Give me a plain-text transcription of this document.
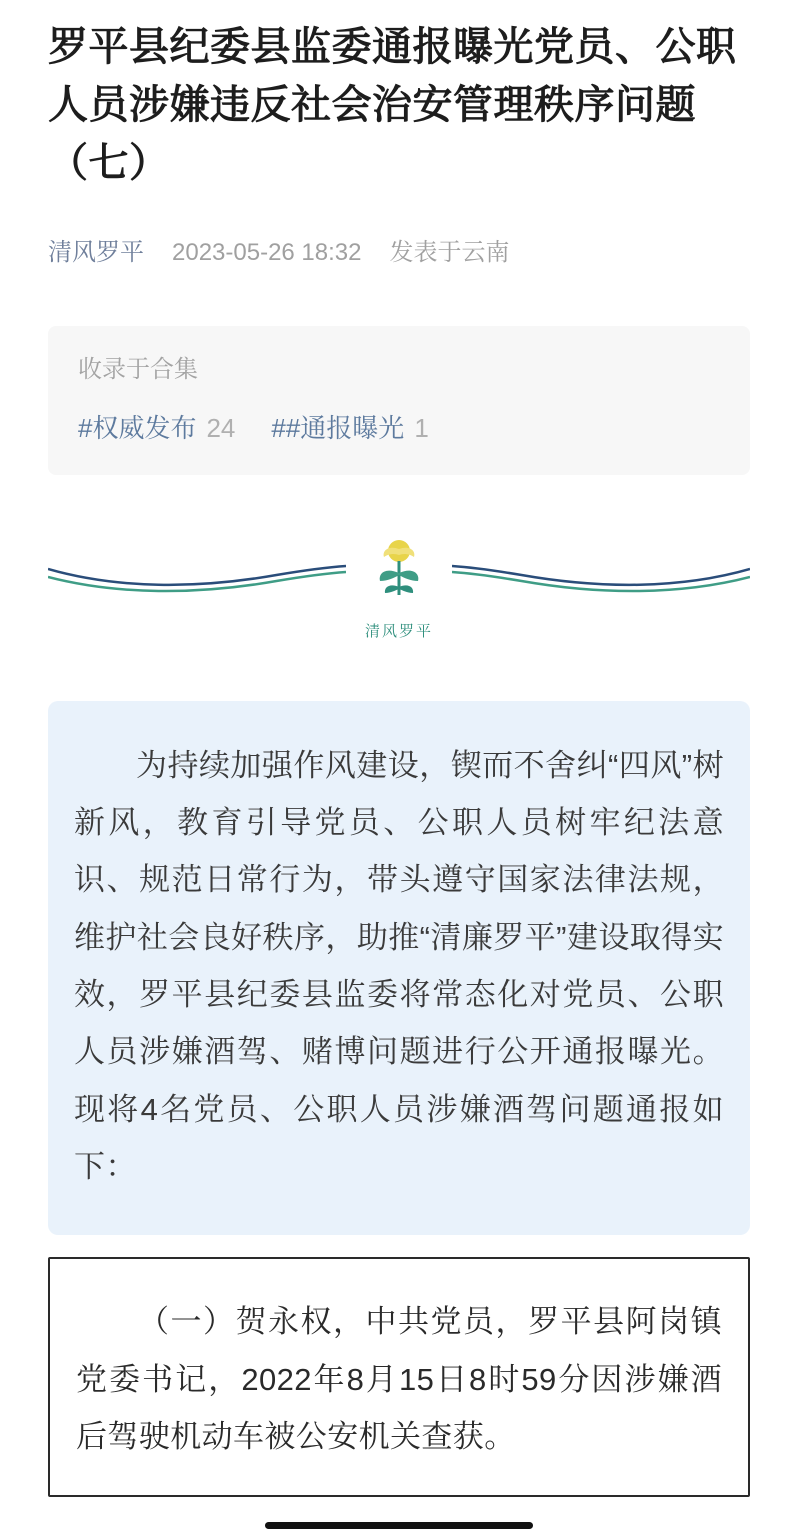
罗平县纪委县监委通报曝光党员、公职人员涉嫌违反社会治安管理秩序问题（七）
清风罗平 2023-05-26 18:32 发表于云南
收录于合集
#权威发布 24 ##通报曝光 1
清风罗平

为持续加强作风建设，锲而不舍纠“四风”树新风，教育引导党员、公职人员树牢纪法意识、规范日常行为，带头遵守国家法律法规，维护社会良好秩序，助推“清廉罗平”建设取得实效，罗平县纪委县监委将常态化对党员、公职人员涉嫌酒驾、赌博问题进行公开通报曝光。现将4名党员、公职人员涉嫌酒驾问题通报如下：

（一）贺永权，中共党员，罗平县阿岗镇党委书记，2022年8月15日8时59分因涉嫌酒后驾驶机动车被公安机关查获。
